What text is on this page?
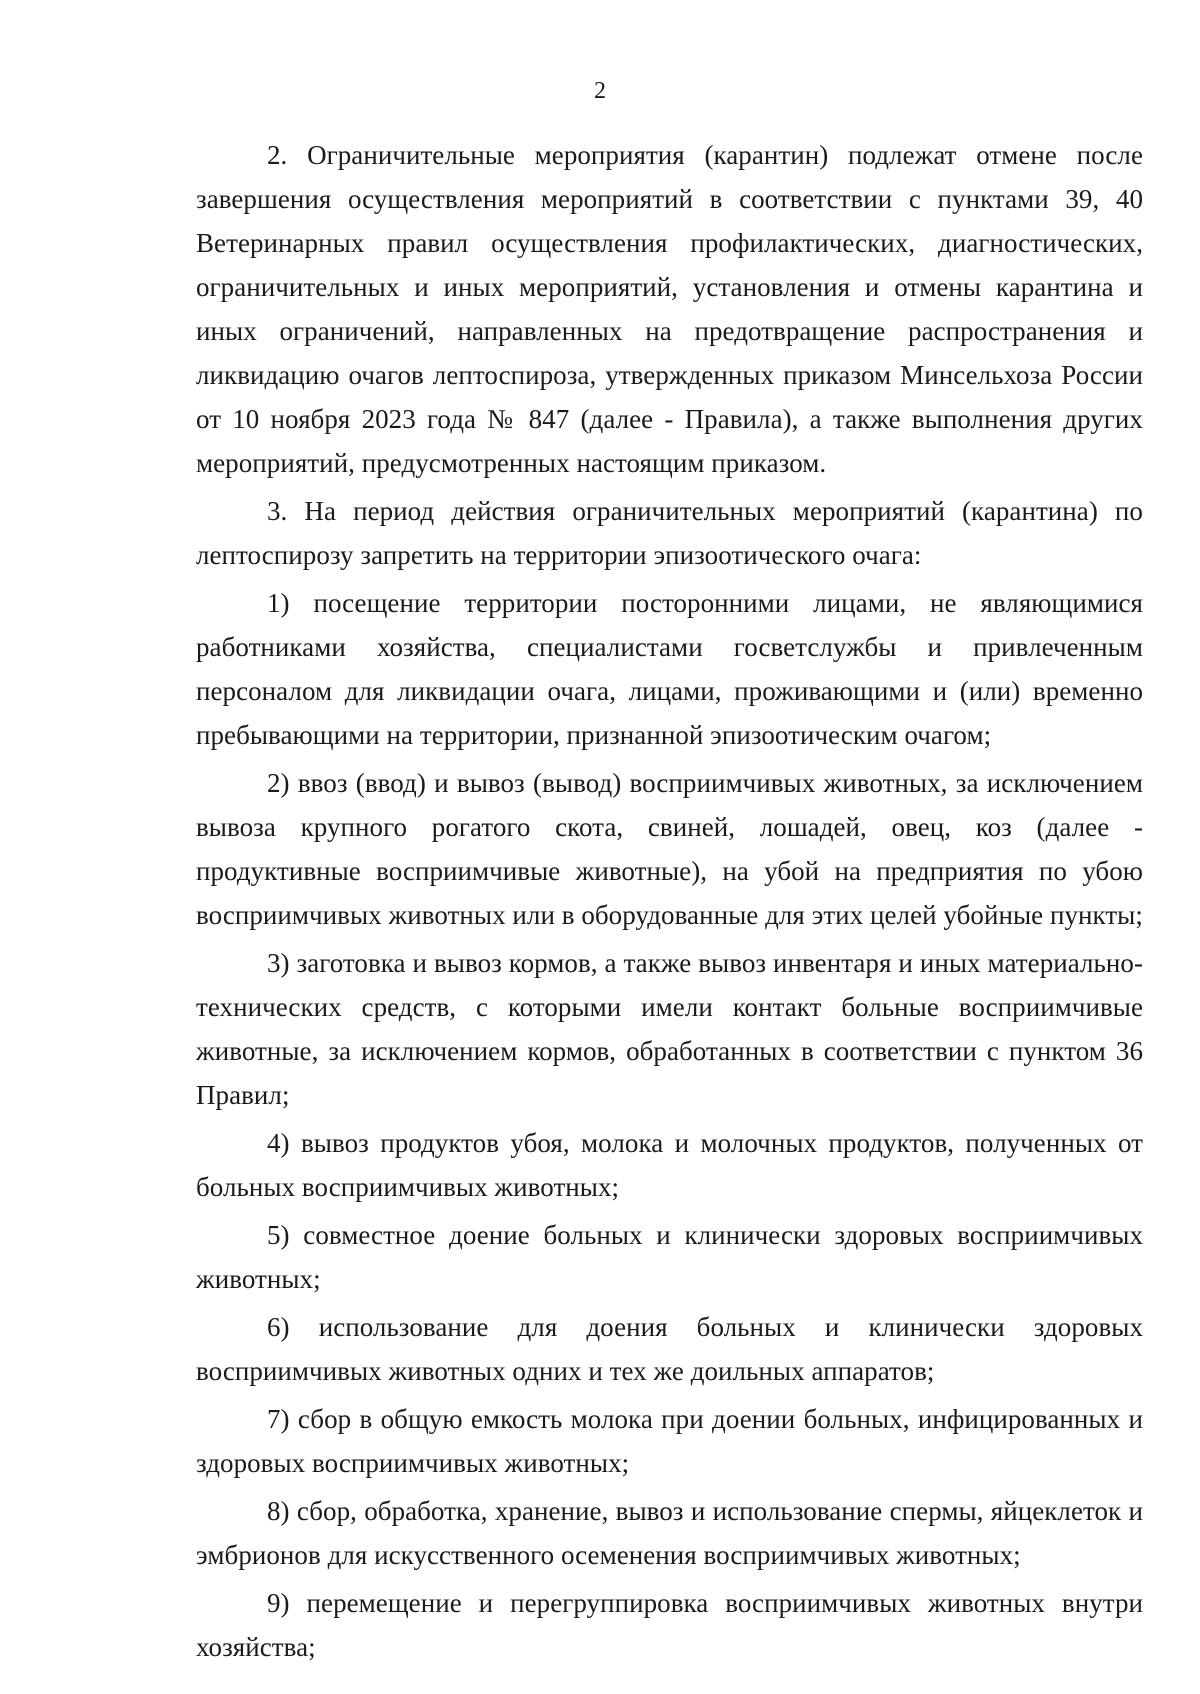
2

2. Ограничительные мероприятия (карантин) подлежат отмене после завершения осуществления мероприятий в соответствии с пунктами 39, 40 Ветеринарных правил осуществления профилактических, диагностических, ограничительных и иных мероприятий, установления и отмены карантина и иных ограничений, направленных на предотвращение распространения и ликвидацию очагов лептоспироза, утвержденных приказом Минсельхоза России от 10 ноября 2023 года № 847 (далее - Правила), а также выполнения других мероприятий, предусмотренных настоящим приказом.

3. На период действия ограничительных мероприятий (карантина) по лептоспирозу запретить на территории эпизоотического очага:

1) посещение территории посторонними лицами, не являющимися работниками хозяйства, специалистами госветслужбы и привлеченным персоналом для ликвидации очага, лицами, проживающими и (или) временно пребывающими на территории, признанной эпизоотическим очагом;

2) ввоз (ввод) и вывоз (вывод) восприимчивых животных, за исключением вывоза крупного рогатого скота, свиней, лошадей, овец, коз (далее - продуктивные восприимчивые животные), на убой на предприятия по убою восприимчивых животных или в оборудованные для этих целей убойные пункты;

3) заготовка и вывоз кормов, а также вывоз инвентаря и иных материально-технических средств, с которыми имели контакт больные восприимчивые животные, за исключением кормов, обработанных в соответствии с пунктом 36 Правил;

4) вывоз продуктов убоя, молока и молочных продуктов, полученных от больных восприимчивых животных;

5) совместное доение больных и клинически здоровых восприимчивых животных;

6) использование для доения больных и клинически здоровых восприимчивых животных одних и тех же доильных аппаратов;

7) сбор в общую емкость молока при доении больных, инфицированных и здоровых восприимчивых животных;

8) сбор, обработка, хранение, вывоз и использование спермы, яйцеклеток и эмбрионов для искусственного осеменения восприимчивых животных;

9) перемещение и перегруппировка восприимчивых животных внутри хозяйства;
